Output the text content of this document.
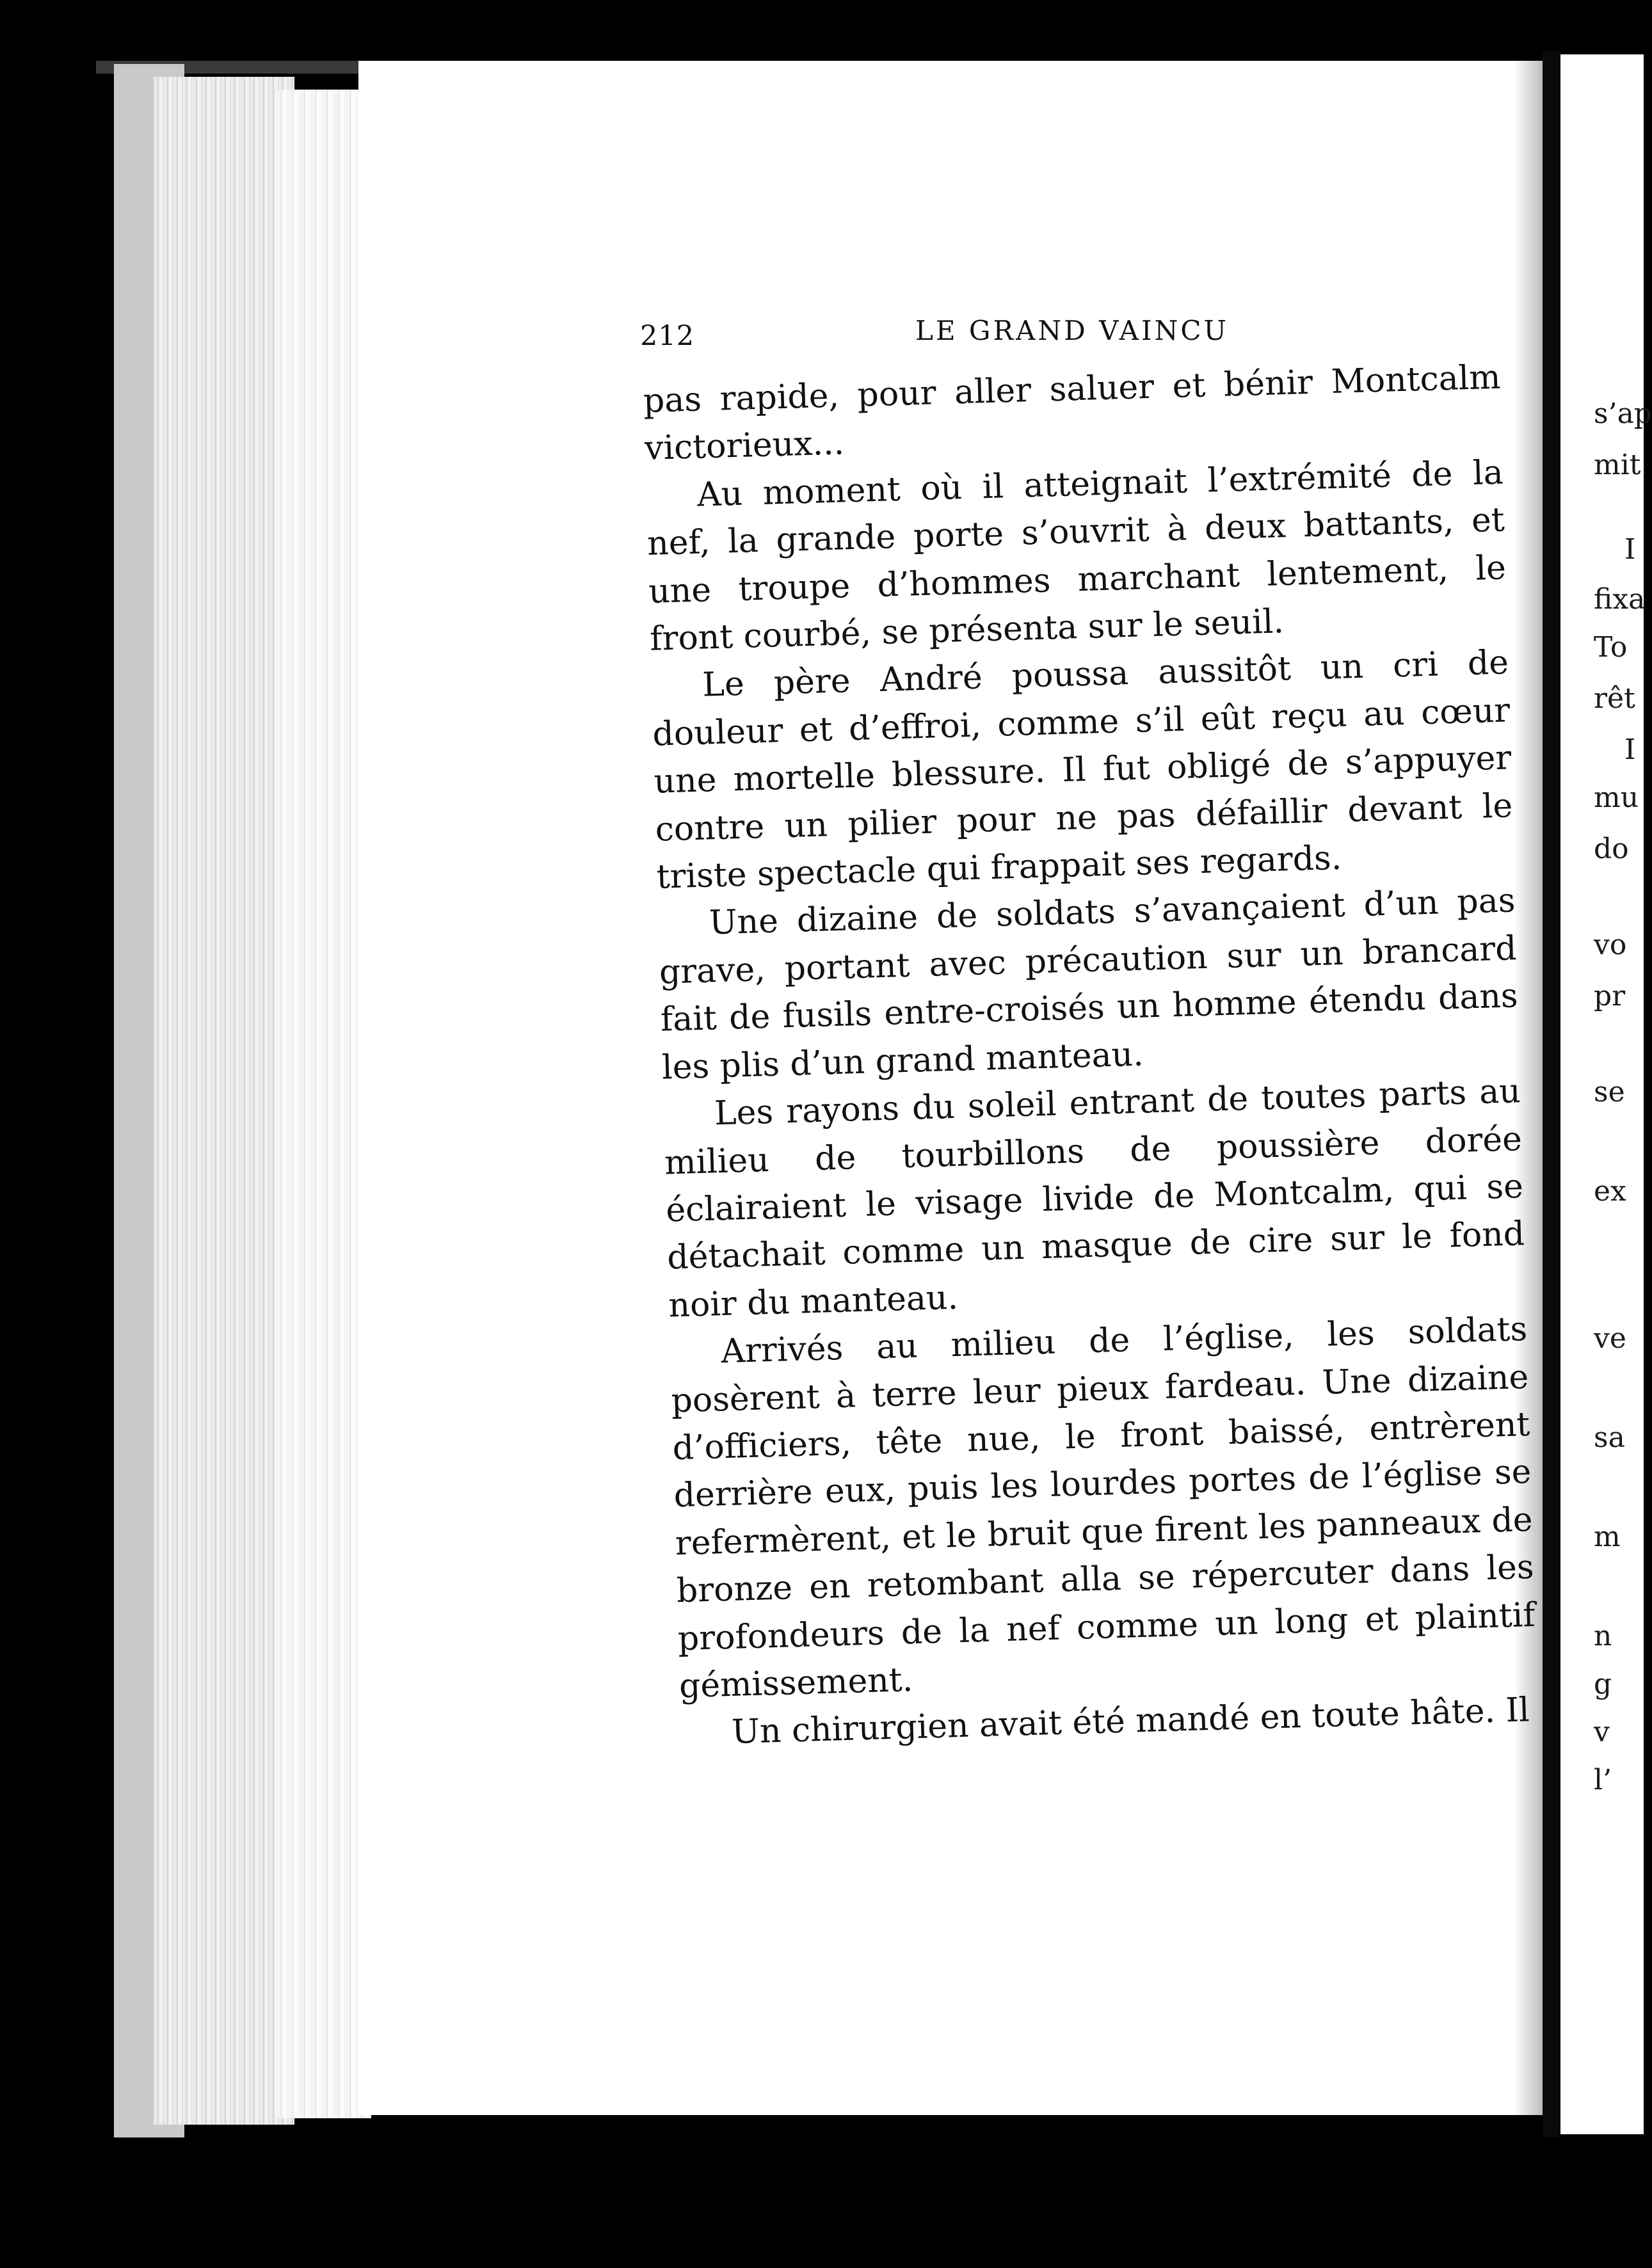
212	LE GRAND VAINCU

pas rapide, pour aller saluer et bénir Montcalm victorieux...

Au moment où il atteignait l’extrémité de la nef, la grande porte s’ouvrit à deux battants, et une troupe d’hommes marchant lentement, le front courbé, se présenta sur le seuil.

Le père André poussa aussitôt un cri de douleur et d’effroi, comme s’il eût reçu au cœur une mortelle blessure. Il fut obligé de s’appuyer contre un pilier pour ne pas défaillir devant le triste spectacle qui frappait ses regards.

Une dizaine de soldats s’avançaient d’un pas grave, portant avec précaution sur un brancard fait de fusils entre-croisés un homme étendu dans les plis d’un grand manteau.

Les rayons du soleil entrant de toutes parts au milieu de tourbillons de poussière dorée éclairaient le visage livide de Montcalm, qui se détachait comme un masque de cire sur le fond noir du manteau.

Arrivés au milieu de l’église, les soldats posèrent à terre leur pieux fardeau. Une dizaine d’officiers, tête nue, le front baissé, entrèrent derrière eux, puis les lourdes portes de l’église se refermèrent, et le bruit que firent les panneaux de bronze en retombant alla se répercuter dans les profondeurs de la nef comme un long et plaintif gémissement.

Un chirurgien avait été mandé en toute hâte. Il

s’ap
mit
I
fixa
To
rêt
I
mu
do
vo
pr
se
ex
ve
sa
m
n
g
v
l’
